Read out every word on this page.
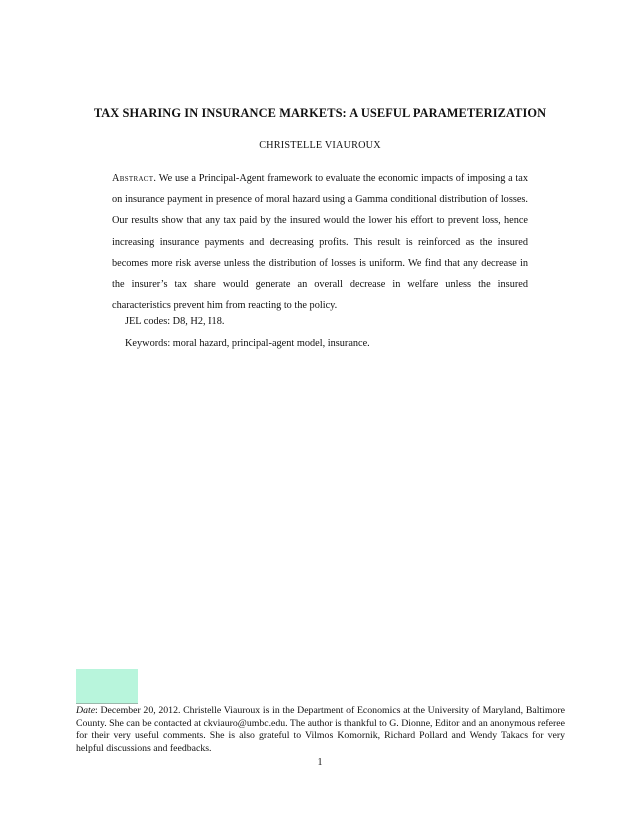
TAX SHARING IN INSURANCE MARKETS: A USEFUL PARAMETERIZATION
CHRISTELLE VIAUROUX
Abstract. We use a Principal-Agent framework to evaluate the economic impacts of imposing a tax on insurance payment in presence of moral hazard using a Gamma conditional distribution of losses. Our results show that any tax paid by the insured would the lower his effort to prevent loss, hence increasing insurance payments and decreasing profits. This result is reinforced as the insured becomes more risk averse unless the distribution of losses is uniform. We find that any decrease in the insurer’s tax share would generate an overall decrease in welfare unless the insured characteristics prevent him from reacting to the policy.
JEL codes: D8, H2, I18.
Keywords: moral hazard, principal-agent model, insurance.
Date: December 20, 2012. Christelle Viauroux is in the Department of Economics at the University of Maryland, Baltimore County. She can be contacted at ckviauro@umbc.edu. The author is thankful to G. Dionne, Editor and an anonymous referee for their very useful comments. She is also grateful to Vilmos Komornik, Richard Pollard and Wendy Takacs for very helpful discussions and feedbacks.
1
